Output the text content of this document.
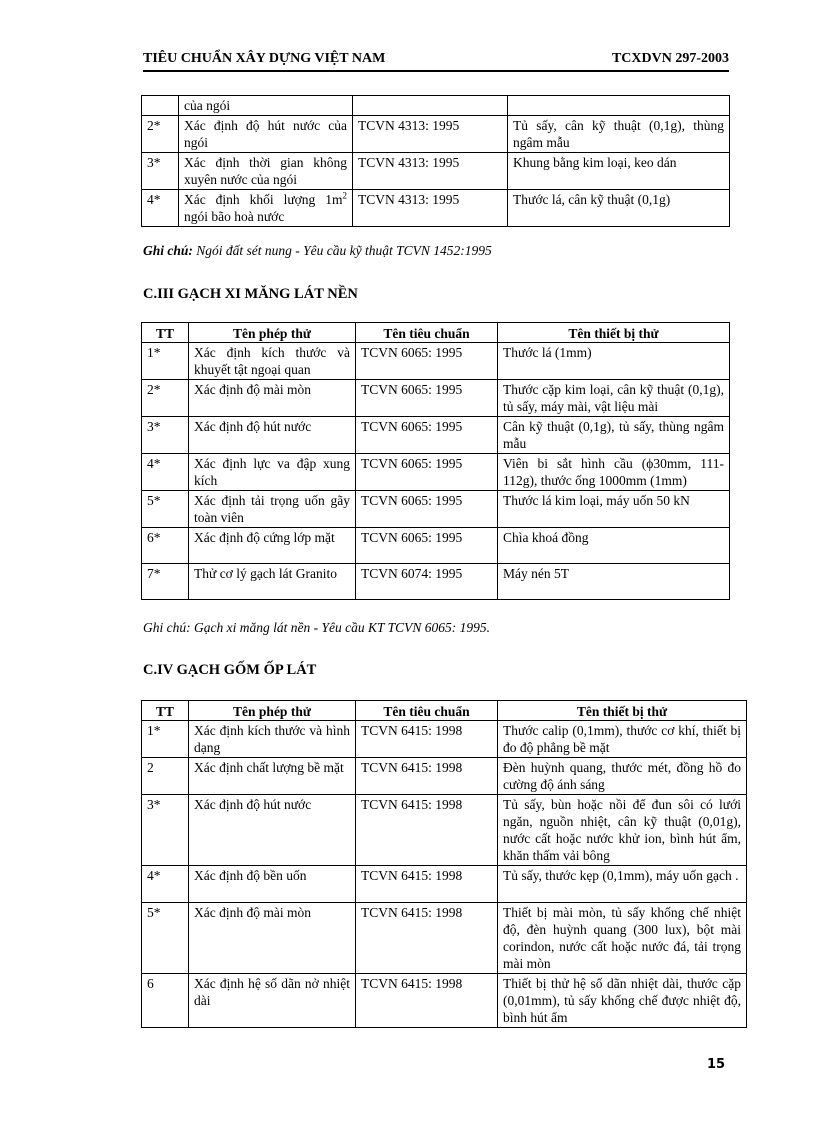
TIÊU CHUẨN XÂY DỰNG VIỆT NAM	TCXDVN 297-2003
	của ngói		
2*	Xác định độ hút nước của ngói	TCVN 4313: 1995	Tủ sấy, cân kỹ thuật (0,1g), thùng ngâm mẫu
3*	Xác định thời gian không xuyên nước của ngói	TCVN 4313: 1995	Khung bằng kim loại, keo dán
4*	Xác định khối lượng $1m^2$ ngói bão hoà nước	TCVN 4313: 1995	Thước lá, cân kỹ thuật (0,1g)
Ghi chú: Ngói đất sét nung - Yêu cầu kỹ thuật TCVN 1452:1995
C.III GẠCH XI MĂNG LÁT NỀN
TT	Tên phép thử	Tên tiêu chuẩn	Tên thiết bị thử
1*	Xác định kích thước và khuyết tật ngoại quan	TCVN 6065: 1995	Thước lá (1mm)
2*	Xác định độ mài mòn	TCVN 6065: 1995	Thước cặp kim loại, cân kỹ thuật (0,1g), tủ sấy, máy mài, vật liệu mài
3*	Xác định độ hút nước	TCVN 6065: 1995	Cân kỹ thuật (0,1g), tủ sấy, thùng ngâm mẫu
4*	Xác định lực va đập xung kích	TCVN 6065: 1995	Viên bi sắt hình cầu (ϕ30mm, 111-112g), thước ống 1000mm (1mm)
5*	Xác định tải trọng uốn gãy toàn viên	TCVN 6065: 1995	Thước lá kim loại, máy uốn 50 kN
6*	Xác định độ cứng lớp mặt	TCVN 6065: 1995	Chìa khoá đồng
7*	Thử cơ lý gạch lát Granito	TCVN 6074: 1995	Máy nén 5T
Ghi chú: Gạch xi măng lát nền - Yêu cầu KT TCVN 6065: 1995.
C.IV GẠCH GỐM ỐP LÁT
TT	Tên phép thử	Tên tiêu chuẩn	Tên thiết bị thử
1*	Xác định kích thước và hình dạng	TCVN 6415: 1998	Thước calip (0,1mm), thước cơ khí, thiết bị đo độ phẳng bề mặt
2	Xác định chất lượng bề mặt	TCVN 6415: 1998	Đèn huỳnh quang, thước mét, đồng hồ đo cường độ ánh sáng
3*	Xác định độ hút nước	TCVN 6415: 1998	Tủ sấy, bùn hoặc nồi để đun sôi có lưới ngăn, nguồn nhiệt, cân kỹ thuật (0,01g), nước cất hoặc nước khử ion, bình hút ẩm, khăn thấm vải bông
4*	Xác định độ bền uốn	TCVN 6415: 1998	Tủ sấy, thước kẹp (0,1mm), máy uốn gạch .
5*	Xác định độ mài mòn	TCVN 6415: 1998	Thiết bị mài mòn, tủ sấy khống chế nhiệt độ, đèn huỳnh quang (300 lux), bột mài corindon, nước cất hoặc nước đá, tải trọng mài mòn
6	Xác định hệ số dãn nở nhiệt dài	TCVN 6415: 1998	Thiết bị thử hệ số dãn nhiệt dài, thước cặp (0,01mm), tủ sấy khống chế được nhiệt độ, bình hút ẩm
15
